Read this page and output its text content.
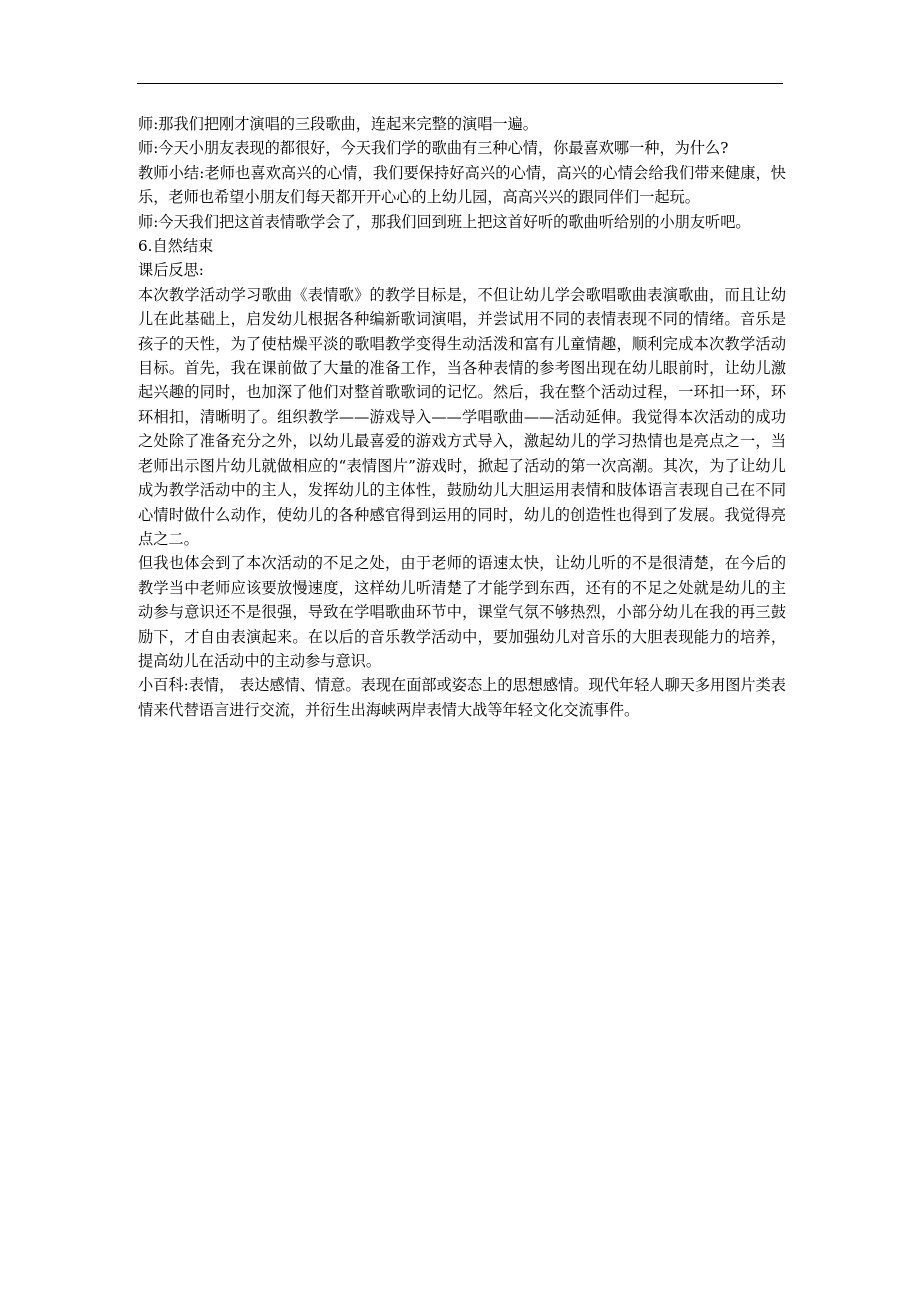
师:那我们把刚才演唱的三段歌曲，连起来完整的演唱一遍。

师:今天小朋友表现的都很好，今天我们学的歌曲有三种心情，你最喜欢哪一种，为什么?

教师小结:老师也喜欢高兴的心情，我们要保持好高兴的心情，高兴的心情会给我们带来健康，快乐，老师也希望小朋友们每天都开开心心的上幼儿园，高高兴兴的跟同伴们一起玩。

师:今天我们把这首表情歌学会了，那我们回到班上把这首好听的歌曲听给别的小朋友听吧。

6.自然结束

课后反思:

本次教学活动学习歌曲《表情歌》的教学目标是，不但让幼儿学会歌唱歌曲表演歌曲，而且让幼儿在此基础上，启发幼儿根据各种编新歌词演唱，并尝试用不同的表情表现不同的情绪。音乐是孩子的天性，为了使枯燥平淡的歌唱教学变得生动活泼和富有儿童情趣，顺利完成本次教学活动目标。首先，我在课前做了大量的准备工作，当各种表情的参考图出现在幼儿眼前时，让幼儿激起兴趣的同时，也加深了他们对整首歌歌词的记忆。然后，我在整个活动过程，一环扣一环，环环相扣，清晰明了。组织教学——游戏导入——学唱歌曲——活动延伸。我觉得本次活动的成功之处除了准备充分之外，以幼儿最喜爱的游戏方式导入，激起幼儿的学习热情也是亮点之一，当老师出示图片幼儿就做相应的“表情图片”游戏时，掀起了活动的第一次高潮。其次，为了让幼儿成为教学活动中的主人，发挥幼儿的主体性，鼓励幼儿大胆运用表情和肢体语言表现自己在不同心情时做什么动作，使幼儿的各种感官得到运用的同时，幼儿的创造性也得到了发展。我觉得亮点之二。

但我也体会到了本次活动的不足之处，由于老师的语速太快，让幼儿听的不是很清楚，在今后的教学当中老师应该要放慢速度，这样幼儿听清楚了才能学到东西，还有的不足之处就是幼儿的主动参与意识还不是很强，导致在学唱歌曲环节中，课堂气氛不够热烈，小部分幼儿在我的再三鼓励下，才自由表演起来。在以后的音乐教学活动中，要加强幼儿对音乐的大胆表现能力的培养，提高幼儿在活动中的主动参与意识。

小百科:表情， 表达感情、情意。表现在面部或姿态上的思想感情。现代年轻人聊天多用图片类表情来代替语言进行交流，并衍生出海峡两岸表情大战等年轻文化交流事件。
